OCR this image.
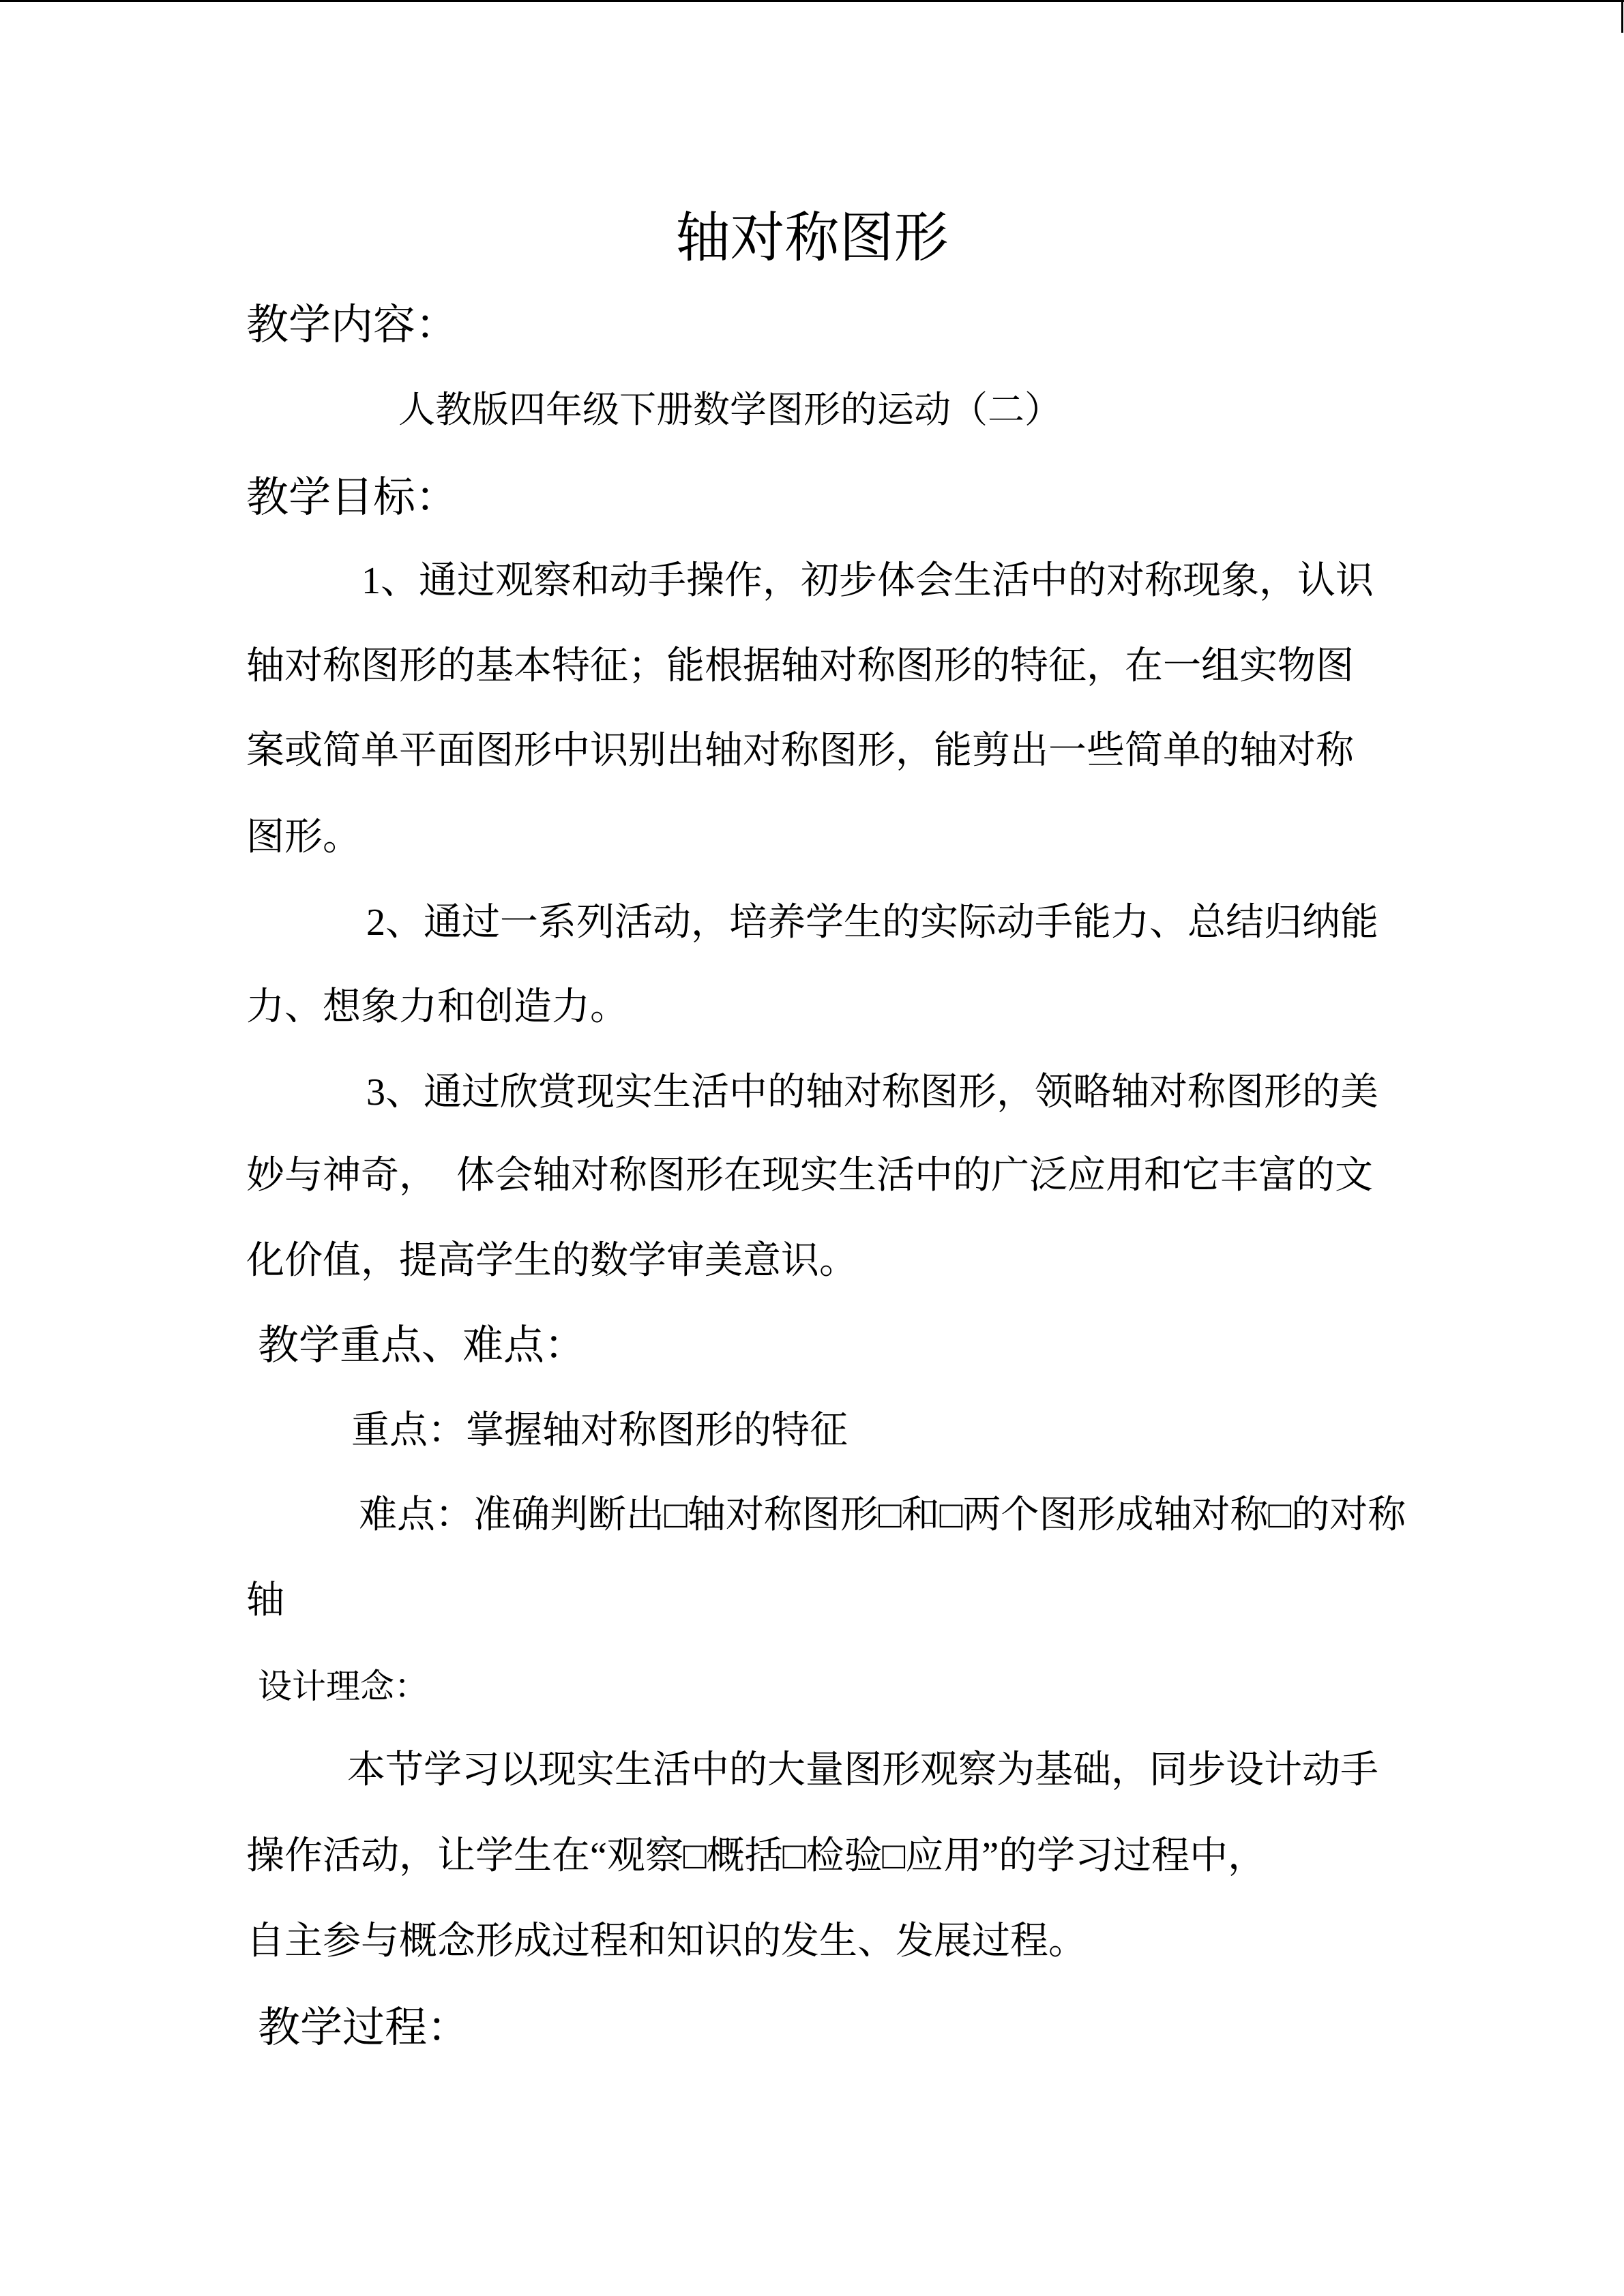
轴对称图形
教学内容：
人教版四年级下册数学图形的运动（二）
教学目标：
1、通过观察和动手操作，初步体会生活中的对称现象，认识
轴对称图形的基本特征；能根据轴对称图形的特征，在一组实物图
案或简单平面图形中识别出轴对称图形，能剪出一些简单的轴对称
图形。
2、通过一系列活动，培养学生的实际动手能力、总结归纳能
力、想象力和创造力。
3、通过欣赏现实生活中的轴对称图形，领略轴对称图形的美
妙与神奇，  体会轴对称图形在现实生活中的广泛应用和它丰富的文
化价值，提高学生的数学审美意识。
教学重点、难点：
重点：掌握轴对称图形的特征
难点：准确判断出□轴对称图形□和□两个图形成轴对称□的对称
轴
设计理念：
本节学习以现实生活中的大量图形观察为基础，同步设计动手
操作活动，让学生在“观察□概括□检验□应用”的学习过程中，
自主参与概念形成过程和知识的发生、发展过程。
教学过程：
